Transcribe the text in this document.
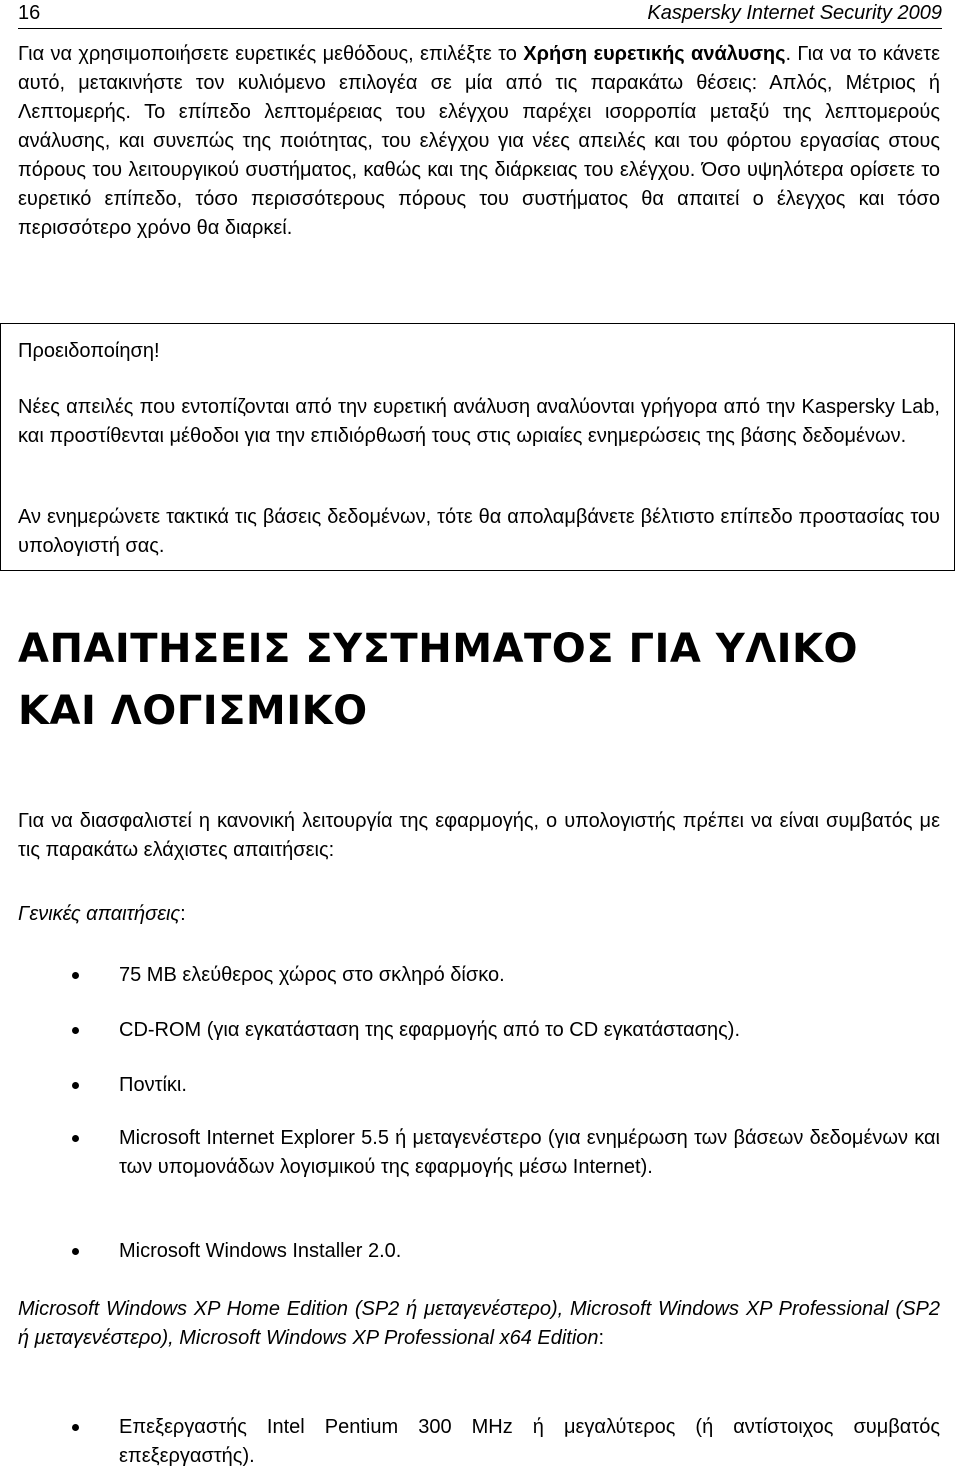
16	Kaspersky Internet Security 2009

Για να χρησιμοποιήσετε ευρετικές μεθόδους, επιλέξτε το Χρήση ευρετικής ανάλυσης. Για να το κάνετε αυτό, μετακινήστε τον κυλιόμενο επιλογέα σε μία από τις παρακάτω θέσεις: Απλός, Μέτριος ή Λεπτομερής. Το επίπεδο λεπτομέρειας του ελέγχου παρέχει ισορροπία μεταξύ της λεπτομερούς ανάλυσης, και συνεπώς της ποιότητας, του ελέγχου για νέες απειλές και του φόρτου εργασίας στους πόρους του λειτουργικού συστήματος, καθώς και της διάρκειας του ελέγχου. Όσο υψηλότερα ορίσετε το ευρετικό επίπεδο, τόσο περισσότερους πόρους του συστήματος θα απαιτεί ο έλεγχος και τόσο περισσότερο χρόνο θα διαρκεί.

Προειδοποίηση!

Νέες απειλές που εντοπίζονται από την ευρετική ανάλυση αναλύονται γρήγορα από την Kaspersky Lab, και προστίθενται μέθοδοι για την επιδιόρθωσή τους στις ωριαίες ενημερώσεις της βάσης δεδομένων.

Αν ενημερώνετε τακτικά τις βάσεις δεδομένων, τότε θα απολαμβάνετε βέλτιστο επίπεδο προστασίας του υπολογιστή σας.

ΑΠΑΙΤΗΣΕΙΣ ΣΥΣΤΗΜΑΤΟΣ ΓΙΑ ΥΛΙΚΟ ΚΑΙ ΛΟΓΙΣΜΙΚΟ

Για να διασφαλιστεί η κανονική λειτουργία της εφαρμογής, ο υπολογιστής πρέπει να είναι συμβατός με τις παρακάτω ελάχιστες απαιτήσεις:

Γενικές απαιτήσεις:

75 MB ελεύθερος χώρος στο σκληρό δίσκο.
CD-ROM (για εγκατάσταση της εφαρμογής από το CD εγκατάστασης).
Ποντίκι.
Microsoft Internet Explorer 5.5 ή μεταγενέστερο (για ενημέρωση των βάσεων δεδομένων και των υπομονάδων λογισμικού της εφαρμογής μέσω Internet).
Microsoft Windows Installer 2.0.

Microsoft Windows XP Home Edition (SP2 ή μεταγενέστερο), Microsoft Windows XP Professional (SP2 ή μεταγενέστερο), Microsoft Windows XP Professional x64 Edition:

Επεξεργαστής Intel Pentium 300 MHz ή μεγαλύτερος (ή αντίστοιχος συμβατός επεξεργαστής).
